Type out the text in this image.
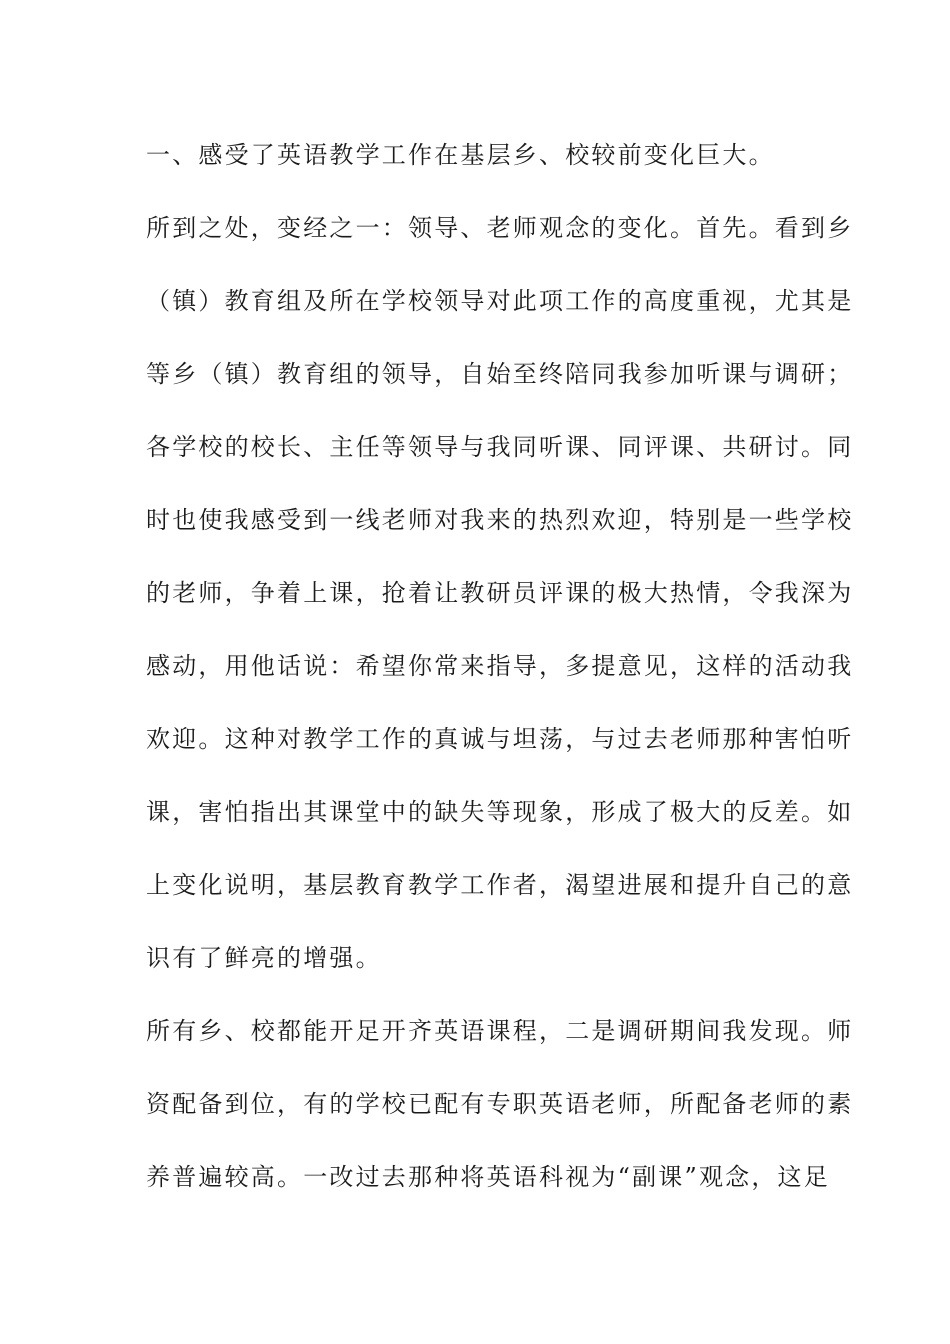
一、感受了英语教学工作在基层乡、校较前变化巨大。
所到之处，变经之一：领导、老师观念的变化。首先。看到乡
（镇）教育组及所在学校领导对此项工作的高度重视，尤其是
等乡（镇）教育组的领导，自始至终陪同我参加听课与调研；
各学校的校长、主任等领导与我同听课、同评课、共研讨。同
时也使我感受到一线老师对我来的热烈欢迎，特别是一些学校
的老师，争着上课，抢着让教研员评课的极大热情，令我深为
感动，用他话说：希望你常来指导，多提意见，这样的活动我
欢迎。这种对教学工作的真诚与坦荡，与过去老师那种害怕听
课，害怕指出其课堂中的缺失等现象，形成了极大的反差。如
上变化说明，基层教育教学工作者，渴望进展和提升自己的意
识有了鲜亮的增强。
所有乡、校都能开足开齐英语课程，二是调研期间我发现。师
资配备到位，有的学校已配有专职英语老师，所配备老师的素
养普遍较高。一改过去那种将英语科视为“副课”观念，这足
